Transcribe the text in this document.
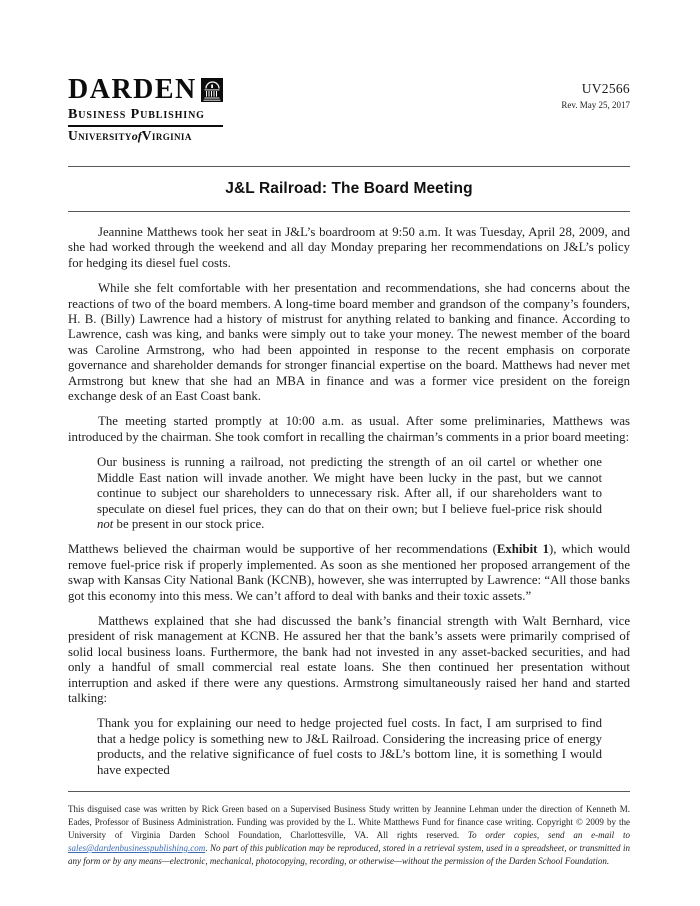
DARDEN
Business Publishing
UniversityofVirginia
UV2566
Rev. May 25, 2017
J&L Railroad: The Board Meeting

Jeannine Matthews took her seat in J&L’s boardroom at 9:50 a.m. It was Tuesday, April 28, 2009, and she had worked through the weekend and all day Monday preparing her recommendations on J&L’s policy for hedging its diesel fuel costs.

While she felt comfortable with her presentation and recommendations, she had concerns about the reactions of two of the board members. A long-time board member and grandson of the company’s founders, H. B. (Billy) Lawrence had a history of mistrust for anything related to banking and finance. According to Lawrence, cash was king, and banks were simply out to take your money. The newest member of the board was Caroline Armstrong, who had been appointed in response to the recent emphasis on corporate governance and shareholder demands for stronger financial expertise on the board. Matthews had never met Armstrong but knew that she had an MBA in finance and was a former vice president on the foreign exchange desk of an East Coast bank.

The meeting started promptly at 10:00 a.m. as usual. After some preliminaries, Matthews was introduced by the chairman. She took comfort in recalling the chairman’s comments in a prior board meeting:

Our business is running a railroad, not predicting the strength of an oil cartel or whether one Middle East nation will invade another. We might have been lucky in the past, but we cannot continue to subject our shareholders to unnecessary risk. After all, if our shareholders want to speculate on diesel fuel prices, they can do that on their own; but I believe fuel-price risk should not be present in our stock price.

Matthews believed the chairman would be supportive of her recommendations (Exhibit 1), which would remove fuel-price risk if properly implemented. As soon as she mentioned her proposed arrangement of the swap with Kansas City National Bank (KCNB), however, she was interrupted by Lawrence: “All those banks got this economy into this mess. We can’t afford to deal with banks and their toxic assets.”

Matthews explained that she had discussed the bank’s financial strength with Walt Bernhard, vice president of risk management at KCNB. He assured her that the bank’s assets were primarily comprised of solid local business loans. Furthermore, the bank had not invested in any asset-backed securities, and had only a handful of small commercial real estate loans. She then continued her presentation without interruption and asked if there were any questions. Armstrong simultaneously raised her hand and started talking:

Thank you for explaining our need to hedge projected fuel costs. In fact, I am surprised to find that a hedge policy is something new to J&L Railroad. Considering the increasing price of energy products, and the relative significance of fuel costs to J&L’s bottom line, it is something I would have expected

This disguised case was written by Rick Green based on a Supervised Business Study written by Jeannine Lehman under the direction of Kenneth M. Eades, Professor of Business Administration. Funding was provided by the L. White Matthews Fund for finance case writing. Copyright © 2009 by the University of Virginia Darden School Foundation, Charlottesville, VA. All rights reserved. To order copies, send an e-mail to sales@dardenbusinesspublishing.com. No part of this publication may be reproduced, stored in a retrieval system, used in a spreadsheet, or transmitted in any form or by any means—electronic, mechanical, photocopying, recording, or otherwise—without the permission of the Darden School Foundation.
